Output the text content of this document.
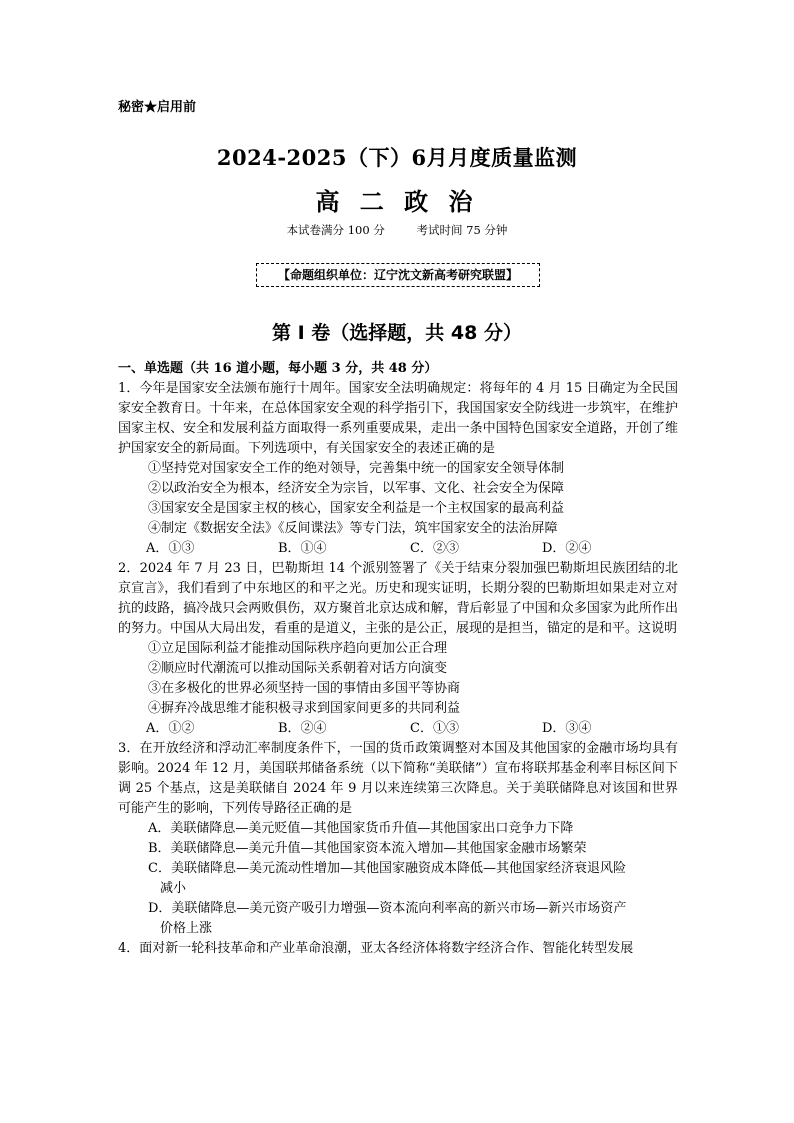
秘密★启用前
2024-2025（下）6月月度质量监测
高 二 政 治
本试卷满分 100 分	考试时间 75 分钟
【命题组织单位：辽宁沈文新高考研究联盟】
第 I 卷（选择题，共 48 分）

一、单选题（共 16 道小题，每小题 3 分，共 48 分）

1．今年是国家安全法颁布施行十周年。国家安全法明确规定：将每年的 4 月 15 日确定为全民国家安全教育日。十年来，在总体国家安全观的科学指引下，我国国家安全防线进一步筑牢，在维护国家主权、安全和发展利益方面取得一系列重要成果，走出一条中国特色国家安全道路，开创了维护国家安全的新局面。下列选项中，有关国家安全的表述正确的是

①坚持党对国家安全工作的绝对领导，完善集中统一的国家安全领导体制

②以政治安全为根本，经济安全为宗旨，以军事、文化、社会安全为保障

③国家安全是国家主权的核心，国家安全利益是一个主权国家的最高利益

④制定《数据安全法》《反间谍法》等专门法，筑牢国家安全的法治屏障

A．①③	B．①④	C．②③	D．②④

2．2024 年 7 月 23 日，巴勒斯坦 14 个派别签署了《关于结束分裂加强巴勒斯坦民族团结的北京宣言》，我们看到了中东地区的和平之光。历史和现实证明，长期分裂的巴勒斯坦如果走对立对抗的歧路，搞冷战只会两败俱伤，双方聚首北京达成和解，背后彰显了中国和众多国家为此所作出的努力。中国从大局出发，看重的是道义，主张的是公正，展现的是担当，锚定的是和平。这说明

①立足国际利益才能推动国际秩序趋向更加公正合理

②顺应时代潮流可以推动国际关系朝着对话方向演变

③在多极化的世界必须坚持一国的事情由多国平等协商

④摒弃冷战思维才能积极寻求到国家间更多的共同利益

A．①②	B．②④	C．①③	D．③④

3．在开放经济和浮动汇率制度条件下，一国的货币政策调整对本国及其他国家的金融市场均具有影响。2024 年 12 月，美国联邦储备系统（以下简称“美联储”）宣布将联邦基金利率目标区间下调 25 个基点，这是美联储自 2024 年 9 月以来连续第三次降息。关于美联储降息对该国和世界可能产生的影响，下列传导路径正确的是

A．美联储降息—美元贬值—其他国家货币升值—其他国家出口竞争力下降

B．美联储降息—美元升值—其他国家资本流入增加—其他国家金融市场繁荣

C．美联储降息—美元流动性增加—其他国家融资成本降低—其他国家经济衰退风险
减小

D．美联储降息—美元资产吸引力增强—资本流向利率高的新兴市场—新兴市场资产
价格上涨

4．面对新一轮科技革命和产业革命浪潮，亚太各经济体将数字经济合作、智能化转型发展
